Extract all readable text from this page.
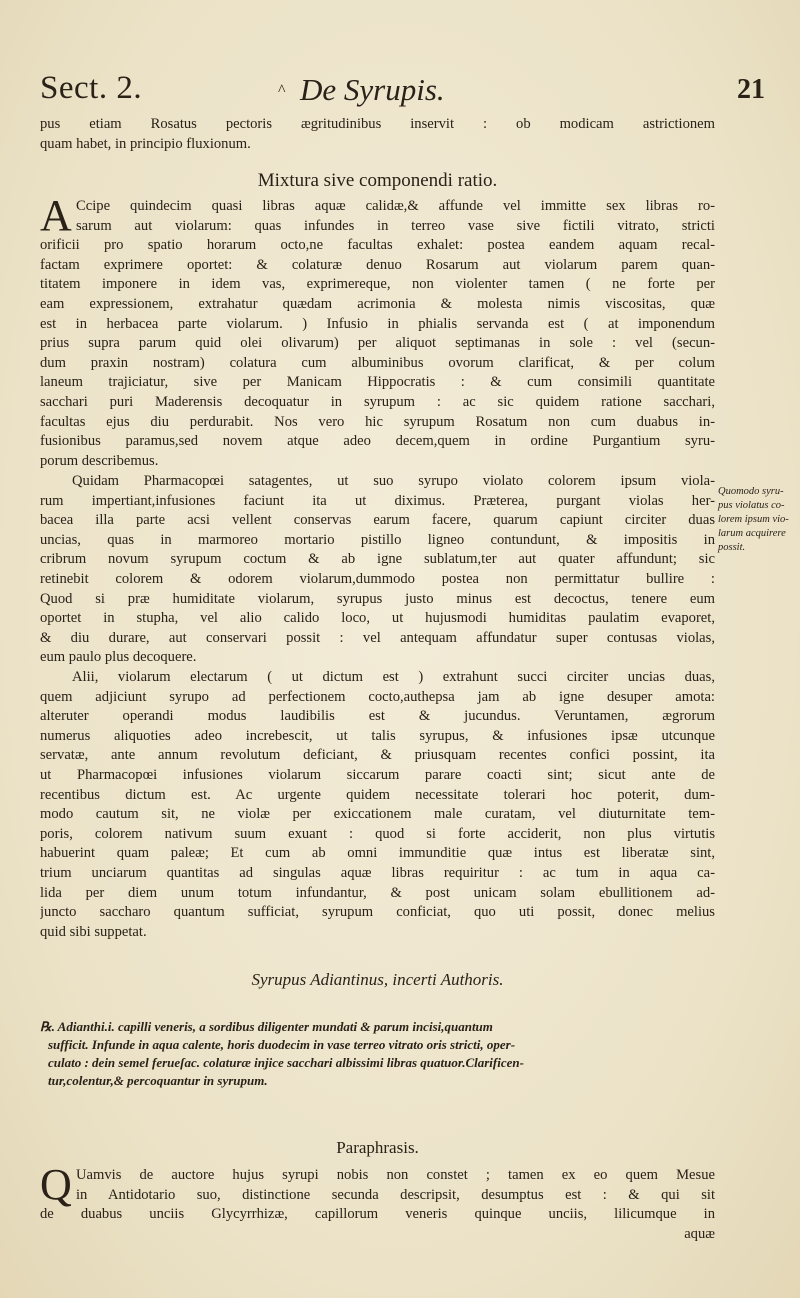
Sect. 2.	^ De Syrupis.	21
pus etiam Rosatus pectoris ægritudinibus inservit : ob modicam astrictionem
quam habet, in principio fluxionum.
Mixtura sive componendi ratio.
A Ccipe quindecim quasi libras aquæ calidæ,& affunde vel immitte sex libras ro-
sarum aut violarum: quas infundes in terreo vase sive fictili vitrato, stricti
orificii pro spatio horarum octo,ne facultas exhalet: postea eandem aquam recal-
factam exprimere oportet: & colaturæ denuo Rosarum aut violarum parem quan-
titatem imponere in idem vas, exprimereque, non violenter tamen ( ne forte per
eam expressionem, extrahatur quædam acrimonia & molesta nimis viscositas, quæ
est in herbacea parte violarum. ) Infusio in phialis servanda est ( at imponendum
prius supra parum quid olei olivarum) per aliquot septimanas in sole : vel (secun-
dum praxin nostram) colatura cum albuminibus ovorum clarificat, & per colum
laneum trajiciatur, sive per Manicam Hippocratis : & cum consimili quantitate
sacchari puri Maderensis decoquatur in syrupum : ac sic quidem ratione sacchari,
facultas ejus diu perdurabit. Nos vero hic syrupum Rosatum non cum duabus in-
fusionibus paramus,sed novem atque adeo decem,quem in ordine Purgantium syru-
porum describemus.
Quidam Pharmacopœi satagentes, ut suo syrupo violato colorem ipsum viola-
rum impertiant,infusiones faciunt ita ut diximus. Præterea, purgant violas her-
bacea illa parte acsi vellent conservas earum facere, quarum capiunt circiter duas
uncias, quas in marmoreo mortario pistillo ligneo contundunt, & impositis in
cribrum novum syrupum coctum & ab igne sublatum,ter aut quater affundunt; sic
retinebit colorem & odorem violarum,dummodo postea non permittatur bullire :
Quod si præ humiditate violarum, syrupus justo minus est decoctus, tenere eum
oportet in stupha, vel alio calido loco, ut hujusmodi humiditas paulatim evaporet,
& diu durare, aut conservari possit : vel antequam affundatur super contusas violas,
eum paulo plus decoquere.
Quomodo syru-
pus violatus co-
lorem ipsum vio-
larum acquirere
possit.
Alii, violarum electarum ( ut dictum est ) extrahunt succi circiter uncias duas,
quem adjiciunt syrupo ad perfectionem cocto,authepsa jam ab igne desuper amota:
alteruter operandi modus laudibilis est & jucundus. Veruntamen, ægrorum
numerus aliquoties adeo increbescit, ut talis syrupus, & infusiones ipsæ utcunque
servatæ, ante annum revolutum deficiant, & priusquam recentes confici possint, ita
ut Pharmacopœi infusiones violarum siccarum parare coacti sint; sicut ante de
recentibus dictum est. Ac urgente quidem necessitate tolerari hoc poterit, dum-
modo cautum sit, ne violæ per exiccationem male curatam, vel diuturnitate tem-
poris, colorem nativum suum exuant : quod si forte acciderit, non plus virtutis
habuerint quam paleæ; Et cum ab omni immunditie quæ intus est liberatæ sint,
trium unciarum quantitas ad singulas aquæ libras requiritur : ac tum in aqua ca-
lida per diem unum totum infundantur, & post unicam solam ebullitionem ad-
juncto saccharo quantum sufficiat, syrupum conficiat, quo uti possit, donec melius
quid sibi suppetat.
Syrupus Adiantinus, incerti Authoris.
℞. Adianthi.i. capilli veneris, a sordibus diligenter mundati & parum incisi,quantum
sufficit. Infunde in aqua calente, horis duodecim in vase terreo vitrato oris stricti, oper-
culato : dein semel ferueſac. colaturæ injice sacchari albissimi libras quatuor.Clarificen-
tur,colentur,& percoquantur in syrupum.
Paraphrasis.
Q Uamvis de auctore hujus syrupi nobis non constet ; tamen ex eo quem Mesue
in Antidotario suo, distinctione secunda descripsit, desumptus est : & qui sit
de duabus unciis Glycyrrhizæ, capillorum veneris quinque unciis, lilicumque in
aquæ
